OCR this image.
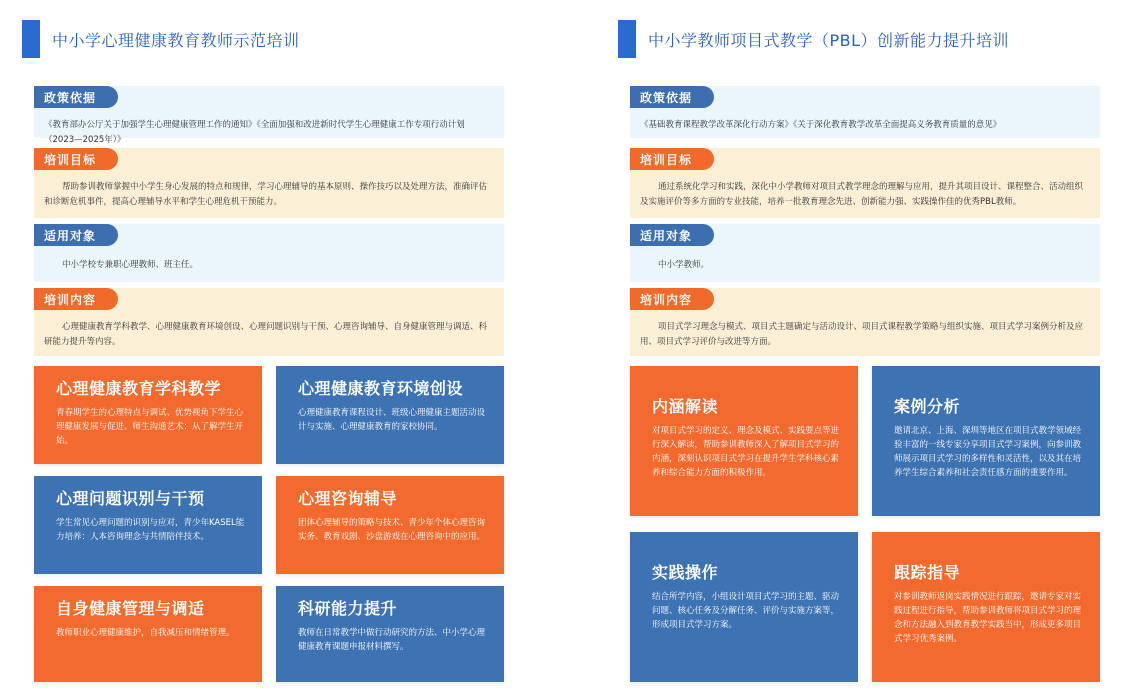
中小学心理健康教育教师示范培训
政策依据
《教育部办公厅关于加强学生心理健康管理工作的通知》《全面加强和改进新时代学生心理健康工作专项行动计划（2023—2025年）》
培训目标
帮助参训教师掌握中小学生身心发展的特点和规律，学习心理辅导的基本原则、操作技巧以及处理方法，准确评估和诊断危机事件，提高心理辅导水平和学生心理危机干预能力。
适用对象
中小学校专兼职心理教师、班主任。
培训内容
心理健康教育学科教学、心理健康教育环境创设、心理问题识别与干预、心理咨询辅导、自身健康管理与调适、科研能力提升等内容。
心理健康教育学科教学
青春期学生的心理特点与调试、优势视角下学生心理健康发展与促进、师生沟通艺术：从了解学生开始。
心理健康教育环境创设
心理健康教育课程设计、班级心理健康主题活动设计与实施、心理健康教育的家校协同。
心理问题识别与干预
学生常见心理问题的识别与应对，青少年KASEL能力培养：人本咨询理念与共情陪伴技术。
心理咨询辅导
团体心理辅导的策略与技术、青少年个体心理咨询实务、教育戏剧、沙盘游戏在心理咨询中的应用。
自身健康管理与调适
教师职业心理健康维护，自我减压和情绪管理。
科研能力提升
教师在日常教学中做行动研究的方法、中小学心理健康教育课题申报材料撰写。
中小学教师项目式教学（PBL）创新能力提升培训
政策依据
《基础教育课程教学改革深化行动方案》《关于深化教育教学改革全面提高义务教育质量的意见》
培训目标
通过系统化学习和实践，深化中小学教师对项目式教学理念的理解与应用，提升其项目设计、课程整合、活动组织及实施评价等多方面的专业技能，培养一批教育理念先进、创新能力强、实践操作佳的优秀PBL教师。
适用对象
中小学教师。
培训内容
项目式学习理念与模式、项目式主题确定与活动设计、项目式课程教学策略与组织实施、项目式学习案例分析及应用、项目式学习评价与改进等方面。
内涵解读
对项目式学习的定义、理念及模式、实践要点等进行深入解读，帮助参训教师深入了解项目式学习的内涵，深刻认识项目式学习在提升学生学科核心素养和综合能力方面的积极作用。
案例分析
邀请北京、上海、深圳等地区在项目式教学领域经验丰富的一线专家分享项目式学习案例，向参训教师展示项目式学习的多样性和灵活性，以及其在培养学生综合素养和社会责任感方面的重要作用。
实践操作
结合所学内容，小组设计项目式学习的主题、驱动问题、核心任务及分解任务、评价与实施方案等，形成项目式学习方案。
跟踪指导
对参训教师返岗实践情况进行跟踪，邀请专家对实践过程进行指导，帮助参训教师将项目式学习的理念和方法融入到教育教学实践当中，形成更多项目式学习优秀案例。
